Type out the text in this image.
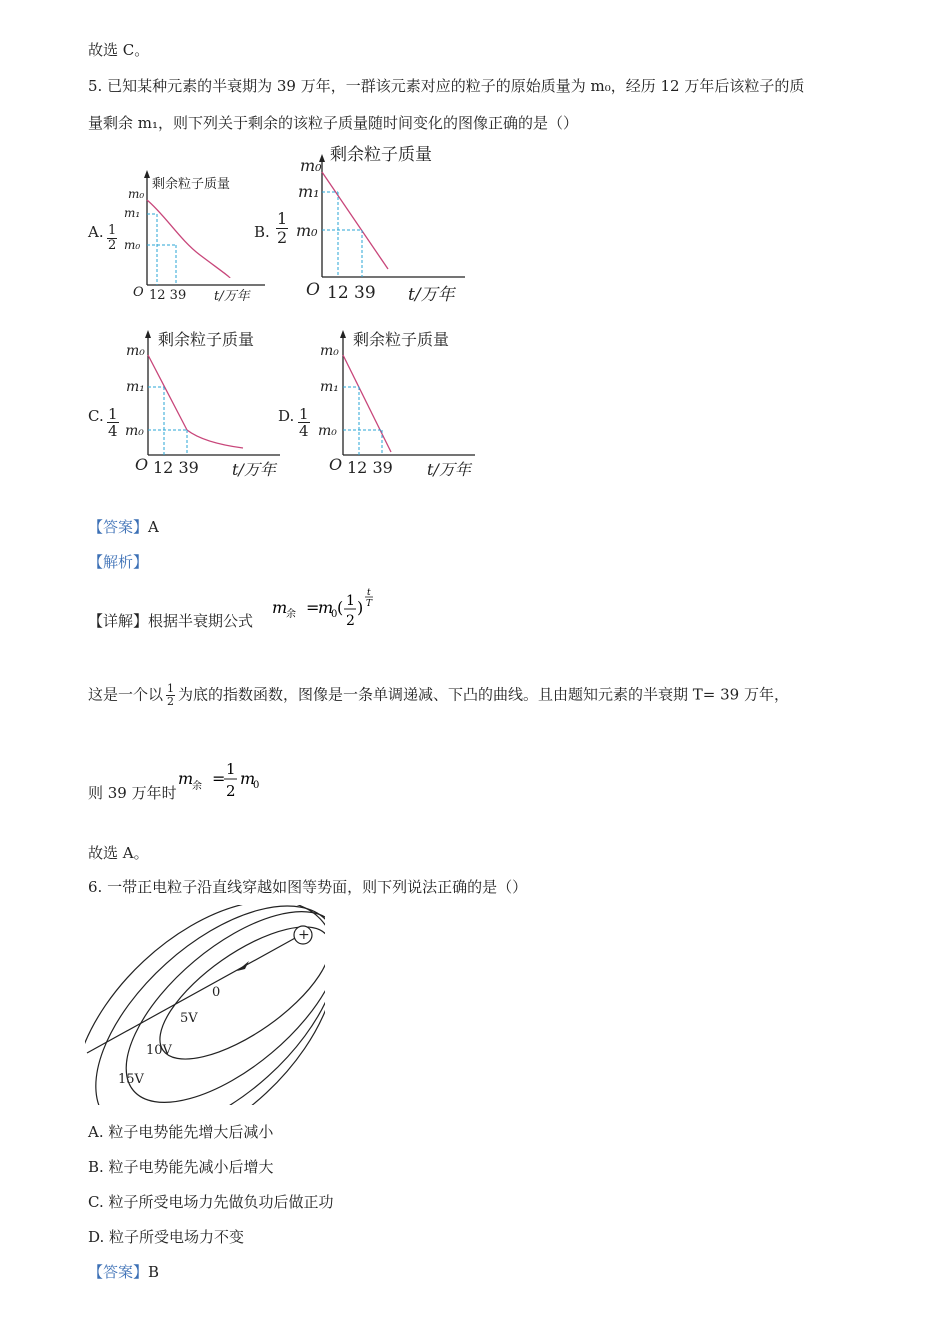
故选 C。
5. 已知某种元素的半衰期为 39 万年，一群该元素对应的粒子的原始质量为 m₀，经历 12 万年后该粒子的质
量剩余 m₁，则下列关于剩余的该粒子质量随时间变化的图像正确的是（）
A. $\frac{1}{2}$
剩余粒子质量
m₀
m₁
m₀
O 12 39 t/万年
B. $\frac{1}{2}$
剩余粒子质量
m₀
m₁
m₀
O 12 39 t/万年
C. $\frac{1}{4}$
剩余粒子质量
m₀
m₁
m₀
O 12 39 t/万年
D. $\frac{1}{4}$
剩余粒子质量
m₀
m₁
m₀
O 12 39 t/万年
【答案】A
【解析】
【详解】根据半衰期公式
m
余 =
m
0 ( 1
2
)
t
T
这是一个以 $\frac{1}{2}$ 为底的指数函数，图像是一条单调递减、下凸的曲线。且由题知元素的半衰期 T= 39 万年，
则 39 万年时
m
余 = 1
2
m
0
故选 A。
6. 一带正电粒子沿直线穿越如图等势面，则下列说法正确的是（）
+
0
5V
10V
15V
A. 粒子电势能先增大后减小
B. 粒子电势能先减小后增大
C. 粒子所受电场力先做负功后做正功
D. 粒子所受电场力不变
【答案】B
